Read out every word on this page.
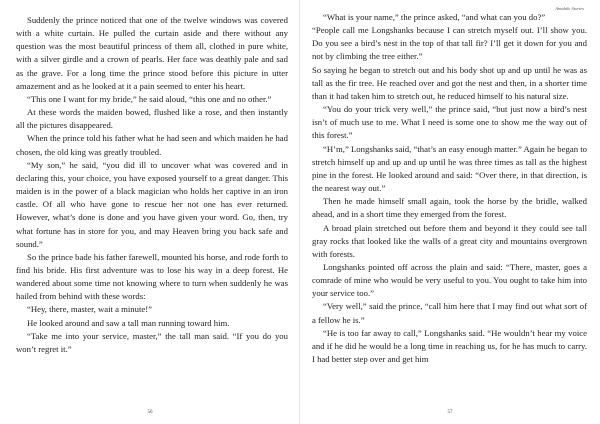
Suddenly the prince noticed that one of the twelve windows was covered with a white curtain. He pulled the curtain aside and there without any question was the most beautiful princess of them all, clothed in pure white, with a silver girdle and a crown of pearls. Her face was deathly pale and sad as the grave. For a long time the prince stood before this picture in utter amazement and as he looked at it a pain seemed to enter his heart.

“This one I want for my bride,” he said aloud, “this one and no other.”

At these words the maiden bowed, flushed like a rose, and then instantly all the pictures disappeared.

When the prince told his father what he had seen and which maiden he had chosen, the old king was greatly troubled.

“My son,” he said, “you did ill to uncover what was covered and in declaring this, your choice, you have exposed yourself to a great danger. This maiden is in the power of a black magician who holds her captive in an iron castle. Of all who have gone to rescue her not one has ever returned. However, what’s done is done and you have given your word. Go, then, try what fortune has in store for you, and may Heaven bring you back safe and sound.”

So the prince bade his father farewell, mounted his horse, and rode forth to find his bride. His first adventure was to lose his way in a deep forest. He wandered about some time not knowing where to turn when suddenly he was hailed from behind with these words:

“Hey, there, master, wait a minute!”

He looked around and saw a tall man running toward him.

“Take me into your service, master,” the tall man said. “If you do you won’t regret it.”

56
Amabile Stories

“What is your name,” the prince asked, “and what can you do?”

“People call me Longshanks because I can stretch myself out. I’ll show you. Do you see a bird’s nest in the top of that tall fir? I’ll get it down for you and not by climbing the tree either.”

So saying he began to stretch out and his body shot up and up until he was as tall as the fir tree. He reached over and got the nest and then, in a shorter time than it had taken him to stretch out, he reduced himself to his natural size.

“You do your trick very well,” the prince said, “but just now a bird’s nest isn’t of much use to me. What I need is some one to show me the way out of this forest.”

“H’m,” Longshanks said, “that’s an easy enough matter.” Again he began to stretch himself up and up and up until he was three times as tall as the highest pine in the forest. He looked around and said: “Over there, in that direction, is the nearest way out.”

Then he made himself small again, took the horse by the bridle, walked ahead, and in a short time they emerged from the forest.

A broad plain stretched out before them and beyond it they could see tall gray rocks that looked like the walls of a great city and mountains overgrown with forests.

Longshanks pointed off across the plain and said: “There, master, goes a comrade of mine who would be very useful to you. You ought to take him into your service too.”

“Very well,” said the prince, “call him here that I may find out what sort of a fellow he is.”

“He is too far away to call,” Longshanks said. “He wouldn’t hear my voice and if he did he would be a long time in reaching us, for he has much to carry. I had better step over and get him

57
